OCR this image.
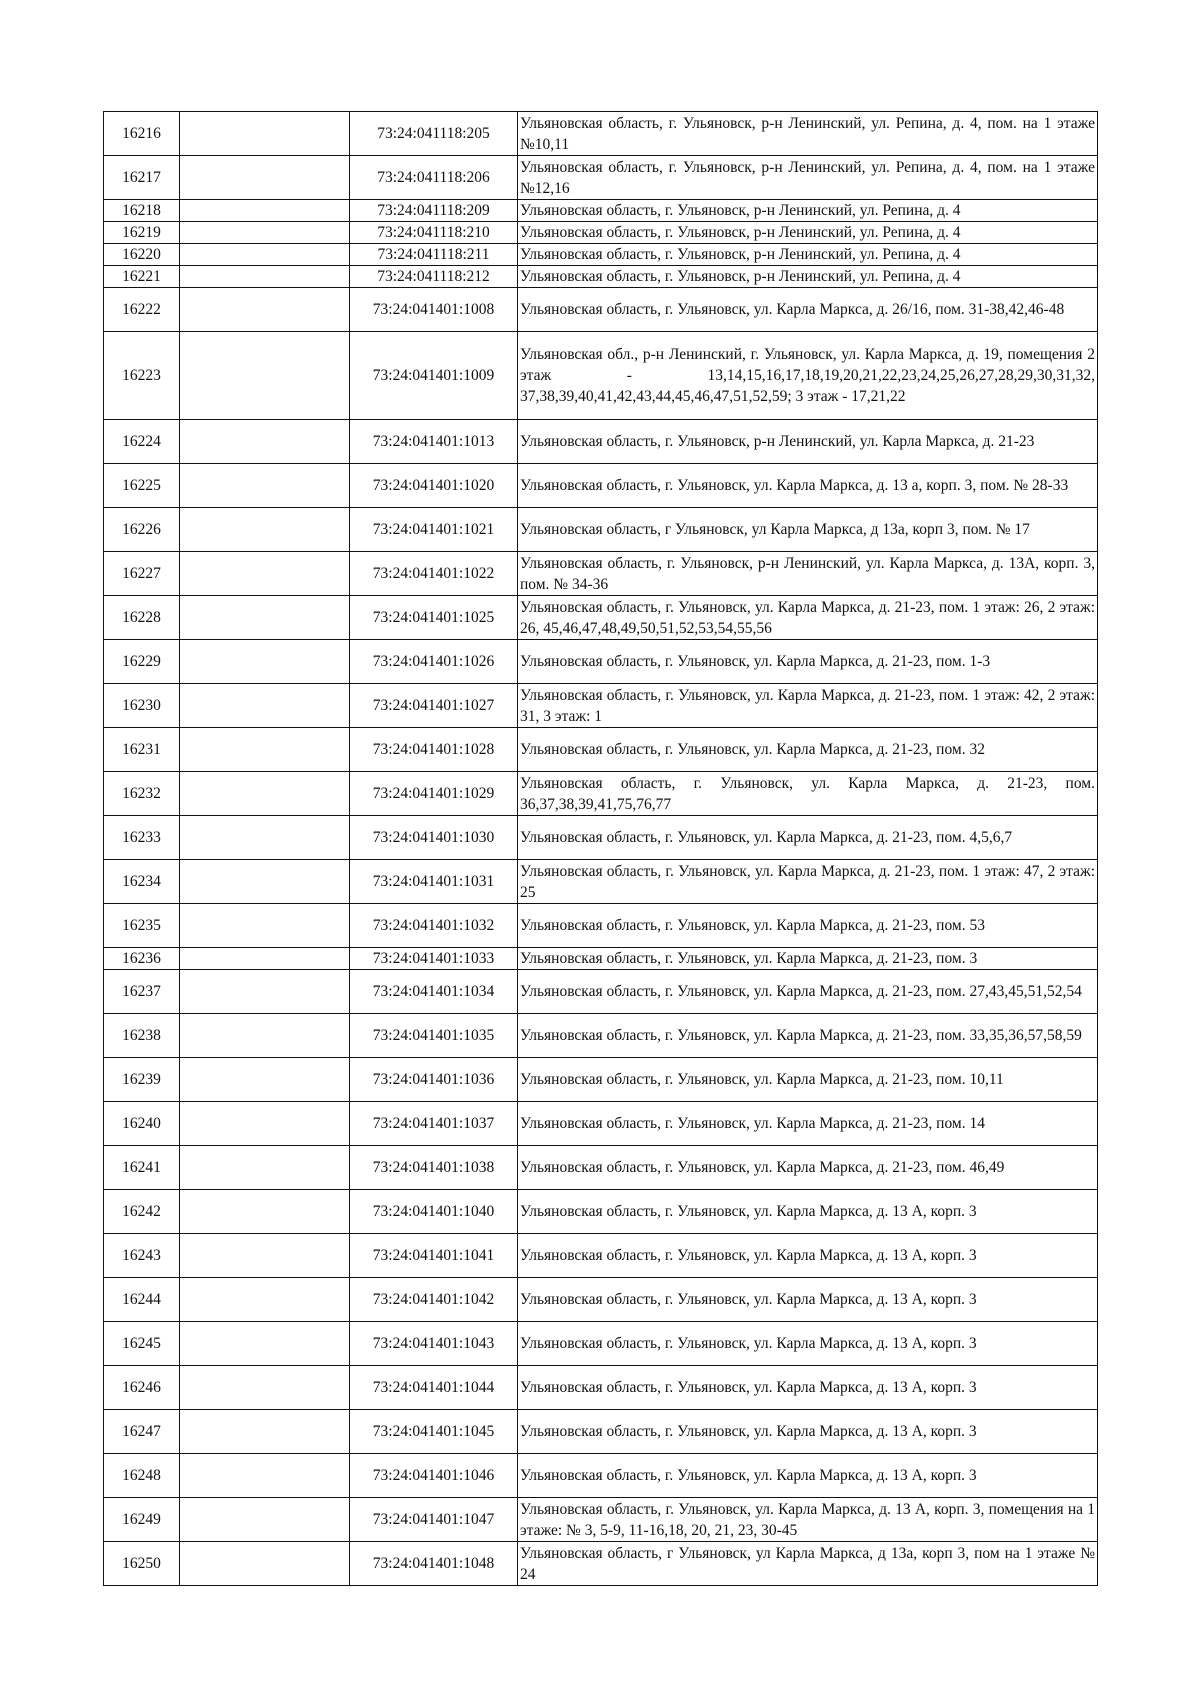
16216		73:24:041118:205	Ульяновская область, г. Ульяновск, р-н Ленинский, ул. Репина, д. 4, пом. на 1 этаже №10,11
16217		73:24:041118:206	Ульяновская область, г. Ульяновск, р-н Ленинский, ул. Репина, д. 4, пом. на 1 этаже №12,16
16218		73:24:041118:209	Ульяновская область, г. Ульяновск, р-н Ленинский, ул. Репина, д. 4
16219		73:24:041118:210	Ульяновская область, г. Ульяновск, р-н Ленинский, ул. Репина, д. 4
16220		73:24:041118:211	Ульяновская область, г. Ульяновск, р-н Ленинский, ул. Репина, д. 4
16221		73:24:041118:212	Ульяновская область, г. Ульяновск, р-н Ленинский, ул. Репина, д. 4
16222		73:24:041401:1008	Ульяновская область, г. Ульяновск, ул. Карла Маркса, д. 26/16, пом. 31-38,42,46-48
16223		73:24:041401:1009	Ульяновская обл., р-н Ленинский, г. Ульяновск, ул. Карла Маркса, д. 19, помещения 2 этаж - 13,14,15,16,17,18,19,20,21,22,23,24,25,26,27,28,29,30,31,32, 37,38,39,40,41,42,43,44,45,46,47,51,52,59; 3 этаж - 17,21,22
16224		73:24:041401:1013	Ульяновская область, г. Ульяновск, р-н Ленинский, ул. Карла Маркса, д. 21-23
16225		73:24:041401:1020	Ульяновская область, г. Ульяновск, ул. Карла Маркса, д. 13 а, корп. 3, пом. № 28-33
16226		73:24:041401:1021	Ульяновская область, г Ульяновск, ул Карла Маркса, д 13а, корп 3, пом. № 17
16227		73:24:041401:1022	Ульяновская область, г. Ульяновск, р-н Ленинский, ул. Карла Маркса, д. 13А, корп. 3, пом. № 34-36
16228		73:24:041401:1025	Ульяновская область, г. Ульяновск, ул. Карла Маркса, д. 21-23, пом. 1 этаж: 26, 2 этаж: 26, 45,46,47,48,49,50,51,52,53,54,55,56
16229		73:24:041401:1026	Ульяновская область, г. Ульяновск, ул. Карла Маркса, д. 21-23, пом. 1-3
16230		73:24:041401:1027	Ульяновская область, г. Ульяновск, ул. Карла Маркса, д. 21-23, пом. 1 этаж: 42, 2 этаж: 31, 3 этаж: 1
16231		73:24:041401:1028	Ульяновская область, г. Ульяновск, ул. Карла Маркса, д. 21-23, пом. 32
16232		73:24:041401:1029	Ульяновская область, г. Ульяновск, ул. Карла Маркса, д. 21-23, пом. 36,37,38,39,41,75,76,77
16233		73:24:041401:1030	Ульяновская область, г. Ульяновск, ул. Карла Маркса, д. 21-23, пом. 4,5,6,7
16234		73:24:041401:1031	Ульяновская область, г. Ульяновск, ул. Карла Маркса, д. 21-23, пом. 1 этаж: 47, 2 этаж: 25
16235		73:24:041401:1032	Ульяновская область, г. Ульяновск, ул. Карла Маркса, д. 21-23, пом. 53
16236		73:24:041401:1033	Ульяновская область, г. Ульяновск, ул. Карла Маркса, д. 21-23, пом. 3
16237		73:24:041401:1034	Ульяновская область, г. Ульяновск, ул. Карла Маркса, д. 21-23, пом. 27,43,45,51,52,54
16238		73:24:041401:1035	Ульяновская область, г. Ульяновск, ул. Карла Маркса, д. 21-23, пом. 33,35,36,57,58,59
16239		73:24:041401:1036	Ульяновская область, г. Ульяновск, ул. Карла Маркса, д. 21-23, пом. 10,11
16240		73:24:041401:1037	Ульяновская область, г. Ульяновск, ул. Карла Маркса, д. 21-23, пом. 14
16241		73:24:041401:1038	Ульяновская область, г. Ульяновск, ул. Карла Маркса, д. 21-23, пом. 46,49
16242		73:24:041401:1040	Ульяновская область, г. Ульяновск, ул. Карла Маркса, д. 13 А, корп. 3
16243		73:24:041401:1041	Ульяновская область, г. Ульяновск, ул. Карла Маркса, д. 13 А, корп. 3
16244		73:24:041401:1042	Ульяновская область, г. Ульяновск, ул. Карла Маркса, д. 13 А, корп. 3
16245		73:24:041401:1043	Ульяновская область, г. Ульяновск, ул. Карла Маркса, д. 13 А, корп. 3
16246		73:24:041401:1044	Ульяновская область, г. Ульяновск, ул. Карла Маркса, д. 13 А, корп. 3
16247		73:24:041401:1045	Ульяновская область, г. Ульяновск, ул. Карла Маркса, д. 13 А, корп. 3
16248		73:24:041401:1046	Ульяновская область, г. Ульяновск, ул. Карла Маркса, д. 13 А, корп. 3
16249		73:24:041401:1047	Ульяновская область, г. Ульяновск, ул. Карла Маркса, д. 13 А, корп. 3, помещения на 1 этаже: № 3, 5-9, 11-16,18, 20, 21, 23, 30-45
16250		73:24:041401:1048	Ульяновская область, г Ульяновск, ул Карла Маркса, д 13а, корп 3, пом на 1 этаже № 24
